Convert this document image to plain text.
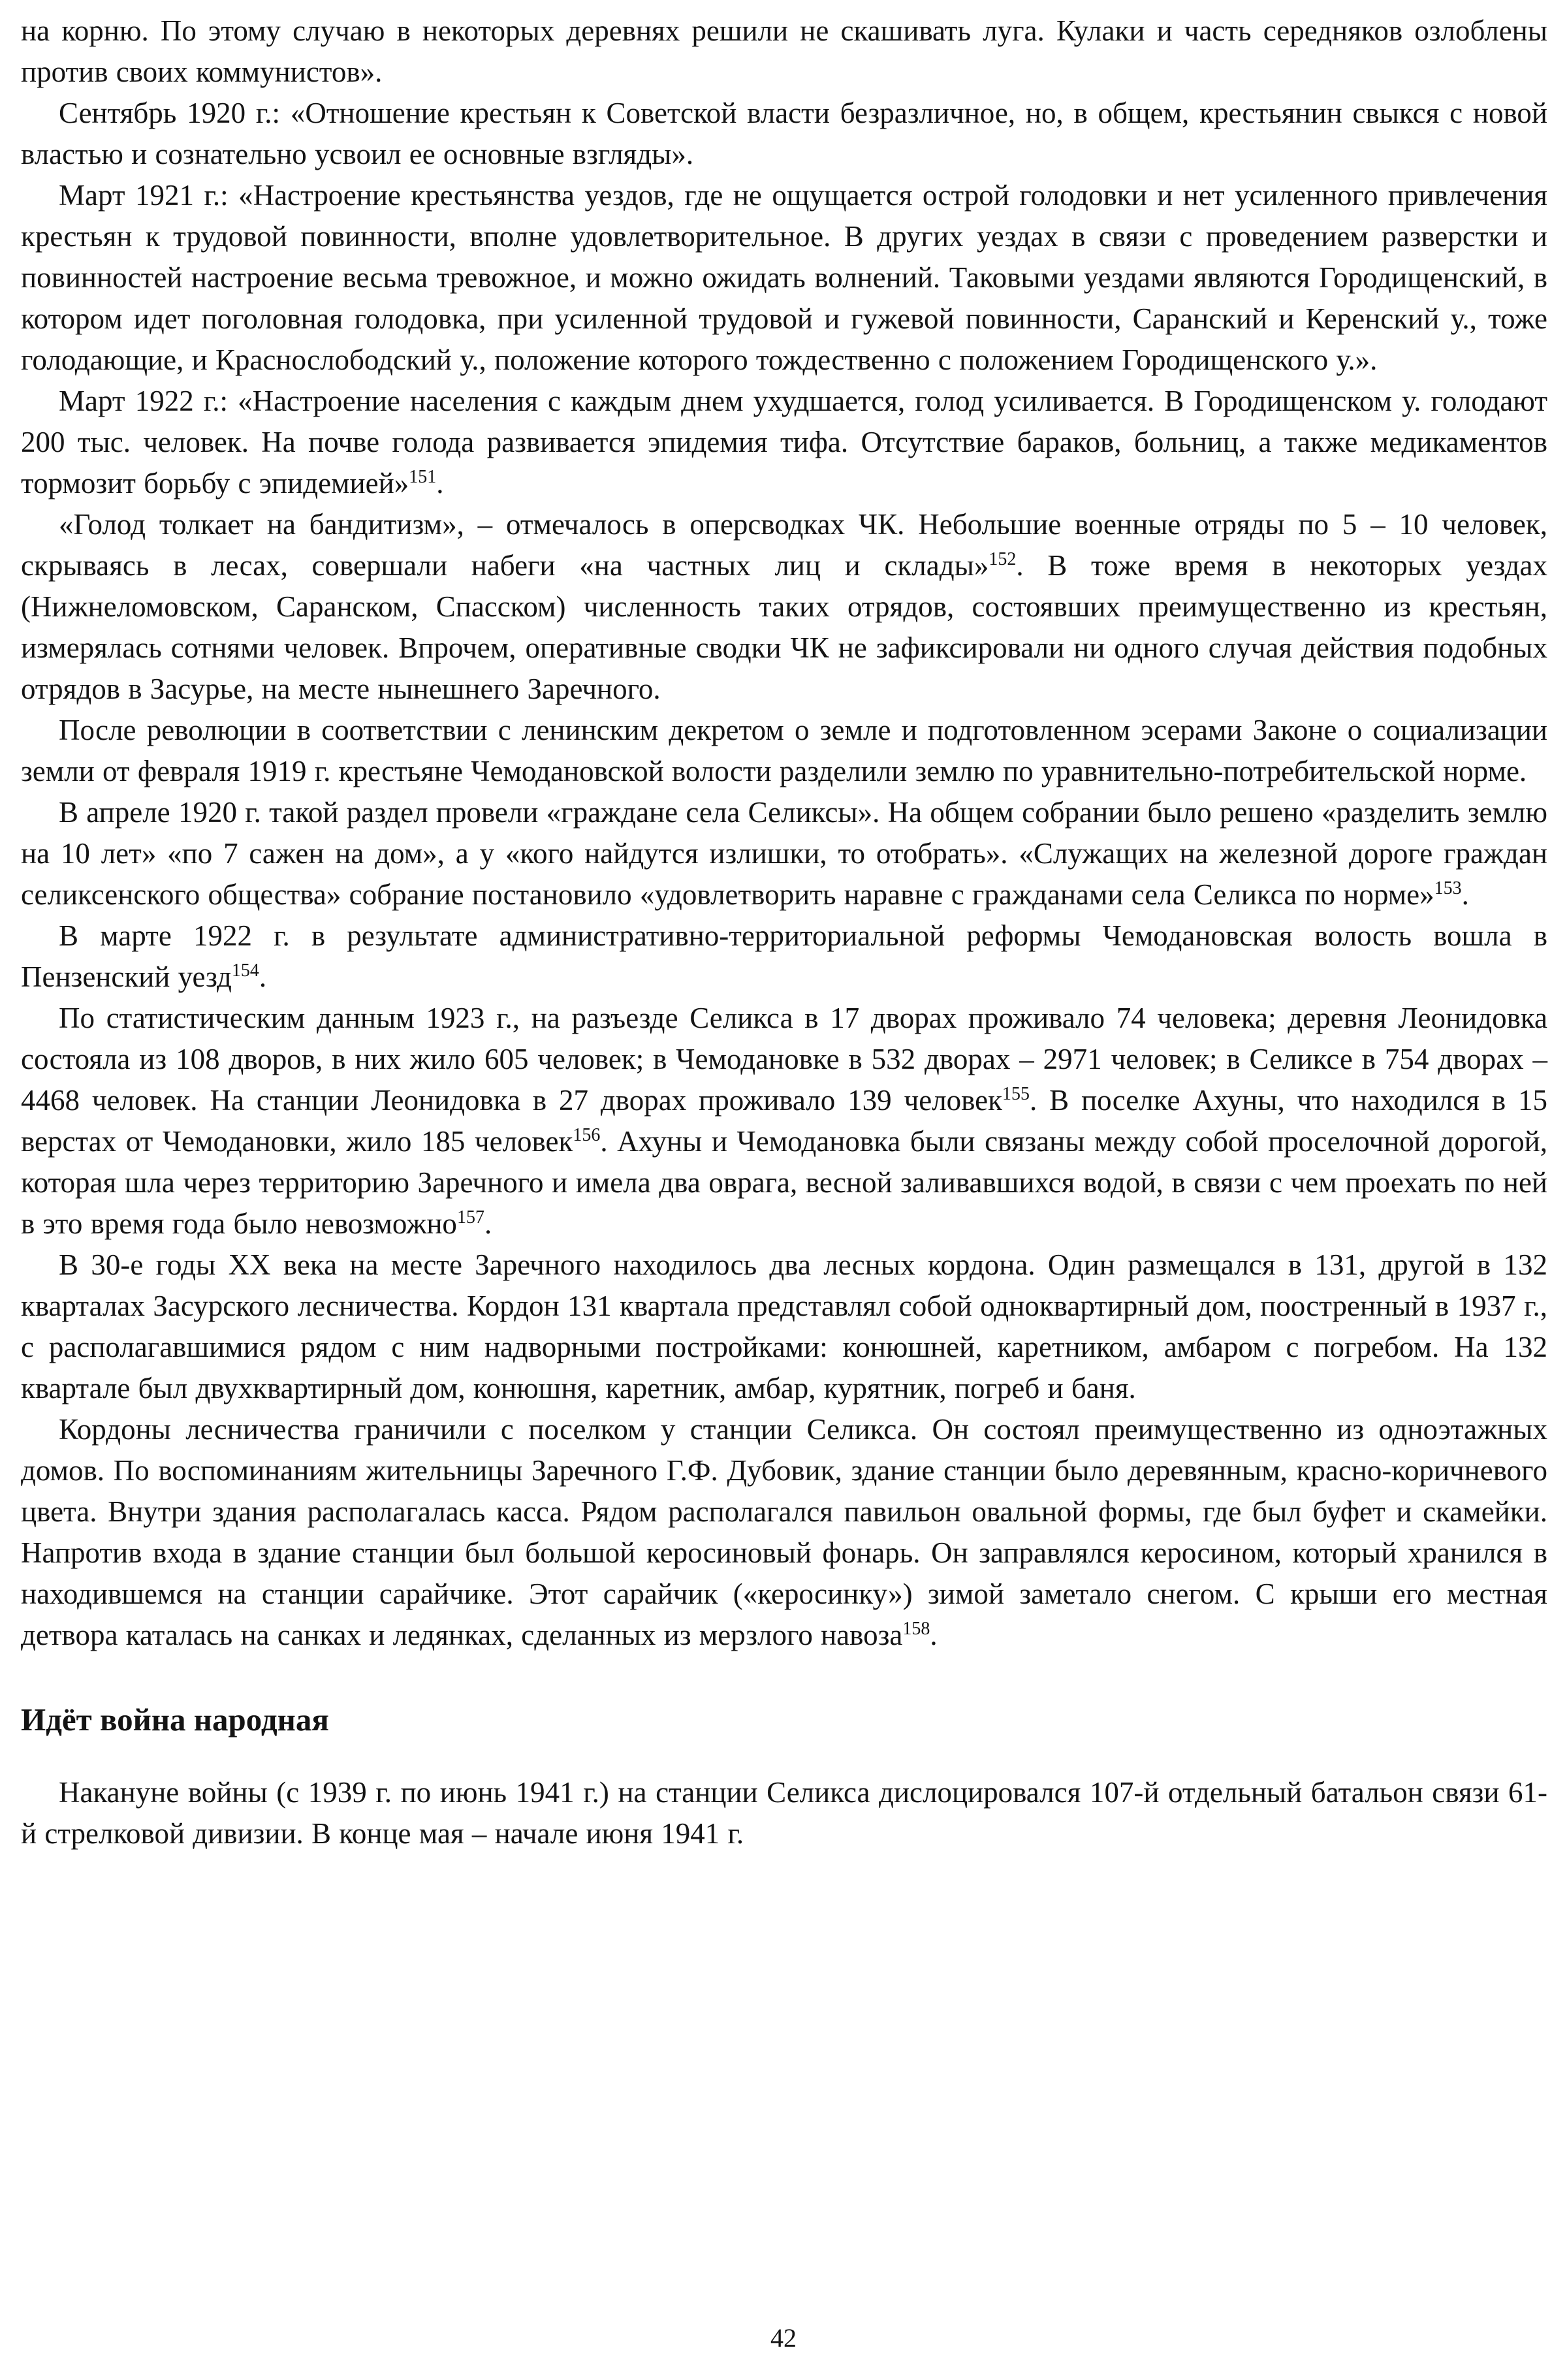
на корню. По этому случаю в некоторых деревнях решили не скашивать луга. Кулаки и часть середняков озлоблены против своих коммунистов».

Сентябрь 1920 г.: «Отношение крестьян к Советской власти безразличное, но, в общем, крестьянин свыкся с новой властью и сознательно усвоил ее основные взгляды».

Март 1921 г.: «Настроение крестьянства уездов, где не ощущается острой голодовки и нет усиленного привлечения крестьян к трудовой повинности, вполне удовлетворительное. В других уездах в связи с проведением разверстки и повинностей настроение весьма тревожное, и можно ожидать волнений. Таковыми уездами являются Городищенский, в котором идет поголовная голодовка, при усиленной трудовой и гужевой повинности, Саранский и Керенский у., тоже голодающие, и Краснослободский у., положение которого тождественно с положением Городищенского у.».

Март 1922 г.: «Настроение населения с каждым днем ухудшается, голод усиливается. В Городищенском у. голодают 200 тыс. человек. На почве голода развивается эпидемия тифа. Отсутствие бараков, больниц, а также медикаментов тормозит борьбу с эпидемией»$^{151}$.

«Голод толкает на бандитизм», – отмечалось в оперсводках ЧК. Небольшие военные отряды по 5 – 10 человек, скрываясь в лесах, совершали набеги «на частных лиц и склады»$^{152}$. В тоже время в некоторых уездах (Нижнеломовском, Саранском, Спасском) численность таких отрядов, состоявших преимущественно из крестьян, измерялась сотнями человек. Впрочем, оперативные сводки ЧК не зафиксировали ни одного случая действия подобных отрядов в Засурье, на месте нынешнего Заречного.

После революции в соответствии с ленинским декретом о земле и подготовленном эсерами Законе о социализации земли от февраля 1919 г. крестьяне Чемодановской волости разделили землю по уравнительно-потребительской норме.

В апреле 1920 г. такой раздел провели «граждане села Селиксы». На общем собрании было решено «разделить землю на 10 лет» «по 7 сажен на дом», а у «кого найдутся излишки, то отобрать». «Служащих на железной дороге граждан селиксенского общества» собрание постановило «удовлетворить наравне с гражданами села Селикса по норме»$^{153}$.

В марте 1922 г. в результате административно-территориальной реформы Чемодановская волость вошла в Пензенский уезд$^{154}$.

По статистическим данным 1923 г., на разъезде Селикса в 17 дворах проживало 74 человека; деревня Леонидовка состояла из 108 дворов, в них жило 605 человек; в Чемодановке в 532 дворах – 2971 человек; в Селиксе в 754 дворах – 4468 человек. На станции Леонидовка в 27 дворах проживало 139 человек$^{155}$. В поселке Ахуны, что находился в 15 верстах от Чемодановки, жило 185 человек$^{156}$. Ахуны и Чемодановка были связаны между собой проселочной дорогой, которая шла через территорию Заречного и имела два оврага, весной заливавшихся водой, в связи с чем проехать по ней в это время года было невозможно$^{157}$.

В 30-е годы XX века на месте Заречного находилось два лесных кордона. Один размещался в 131, другой в 132 кварталах Засурского лесничества. Кордон 131 квартала представлял собой одноквартирный дом, поостренный в 1937 г., с располагавшимися рядом с ним надворными постройками: конюшней, каретником, амбаром с погребом. На 132 квартале был двухквартирный дом, конюшня, каретник, амбар, курятник, погреб и баня.

Кордоны лесничества граничили с поселком у станции Селикса. Он состоял преимущественно из одноэтажных домов. По воспоминаниям жительницы Заречного Г.Ф. Дубовик, здание станции было деревянным, красно-коричневого цвета. Внутри здания располагалась касса. Рядом располагался павильон овальной формы, где был буфет и скамейки. Напротив входа в здание станции был большой керосиновый фонарь. Он заправлялся керосином, который хранился в находившемся на станции сарайчике. Этот сарайчик («керосинку») зимой заметало снегом. С крыши его местная детвора каталась на санках и ледянках, сделанных из мерзлого навоза$^{158}$.

Идёт война народная

Накануне войны (с 1939 г. по июнь 1941 г.) на станции Селикса дислоцировался 107-й отдельный батальон связи 61-й стрелковой дивизии. В конце мая – начале июня 1941 г.

42
